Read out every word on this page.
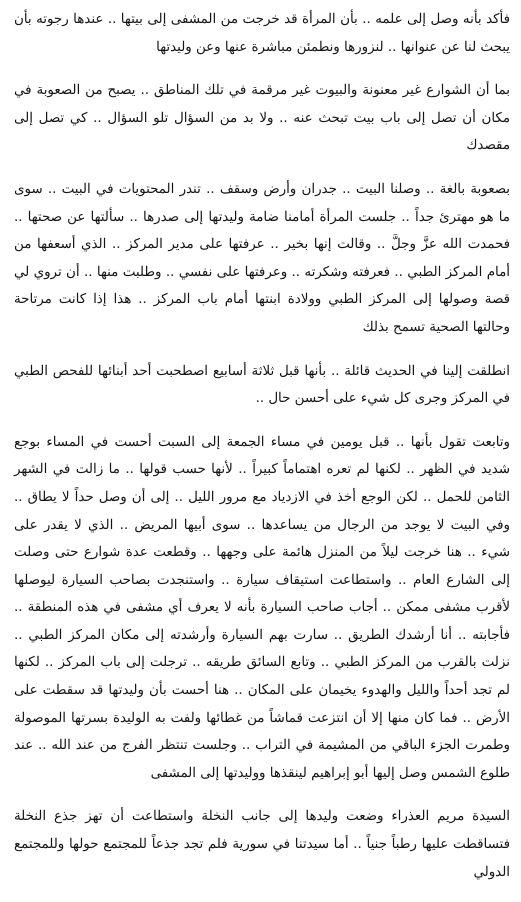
فأكد بأنه وصل إلى علمه .. بأن المرأة قد خرجت من المشفى إلى بيتها .. عندها رجوته بأن يبحث لنا عن عنوانها .. لنزورها ونطمئن مباشرة عنها وعن وليدتها

بما أن الشوارع غير معنونة والبيوت غير مرقمة في تلك المناطق .. يصبح من الصعوبة في مكان أن تصل إلى باب بيت تبحث عنه .. ولا بد من السؤال تلو السؤال .. كي تصل إلى مقصدك

بصعوبة بالغة .. وصلنا البيت .. جدران وأرض وسقف .. تندر المحتويات في البيت .. سوى ما هو مهترئ جداً .. جلست المرأة أمامنا ضامة وليدتها إلى صدرها .. سألتها عن صحتها .. فحمدت الله عزَّ وجلَّ .. وقالت إنها بخير .. عرفتها على مدير المركز .. الذي أسعفها من أمام المركز الطبي .. فعرفته وشكرته .. وعرفتها على نفسي .. وطلبت منها .. أن تروي لي قصة وصولها إلى المركز الطبي وولادة ابنتها أمام باب المركز .. هذا إذا كانت مرتاحة وحالتها الصحية تسمح بذلك

انطلقت إلينا في الحديث قائلة .. بأنها قبل ثلاثة أسابيع اصطحبت أحد أبنائها للفحص الطبي في المركز وجرى كل شيء على أحسن حال ..

وتابعت تقول بأنها .. قبل يومين في مساء الجمعة إلى السبت أحست في المساء بوجع شديد في الظهر .. لكنها لم تعره اهتماماً كبيراً .. لأنها حسب قولها .. ما زالت في الشهر الثامن للحمل .. لكن الوجع أخذ في الازدياد مع مرور الليل .. إلى أن وصل حداً لا يطاق .. وفي البيت لا يوجد من الرجال من يساعدها .. سوى أبيها المريض .. الذي لا يقدر على شيء .. هنا خرجت ليلاً من المنزل هائمة على وجهها .. وقطعت عدة شوارع حتى وصلت إلى الشارع العام .. واستطاعت استيقاف سيارة .. واستنجدت بصاحب السيارة ليوصلها لأقرب مشفى ممكن .. أجاب صاحب السيارة بأنه لا يعرف أي مشفى في هذه المنطقة .. فأجابته .. أنا أرشدك الطريق .. سارت بهم السيارة وأرشدته إلى مكان المركز الطبي .. نزلت بالقرب من المركز الطبي .. وتابع السائق طريقه .. ترجلت إلى باب المركز .. لكنها لم تجد أحداً والليل والهدوء يخيمان على المكان .. هنا أحست بأن وليدتها قد سقطت على الأرض .. فما كان منها إلا أن انتزعت قماشاً من غطائها ولفت به الوليدة بسرتها الموصولة وطمرت الجزء الباقي من المشيمة في التراب .. وجلست تنتظر الفرج من عند الله .. عند طلوع الشمس وصل إليها أبو إبراهيم لينقذها ووليدتها إلى المشفى

السيدة مريم العذراء وضعت وليدها إلى جانب النخلة واستطاعت أن تهز جذع النخلة فتساقطت عليها رطباً جنياً .. أما سيدتنا في سورية فلم تجد جذعاً للمجتمع حولها وللمجتمع الدولي
